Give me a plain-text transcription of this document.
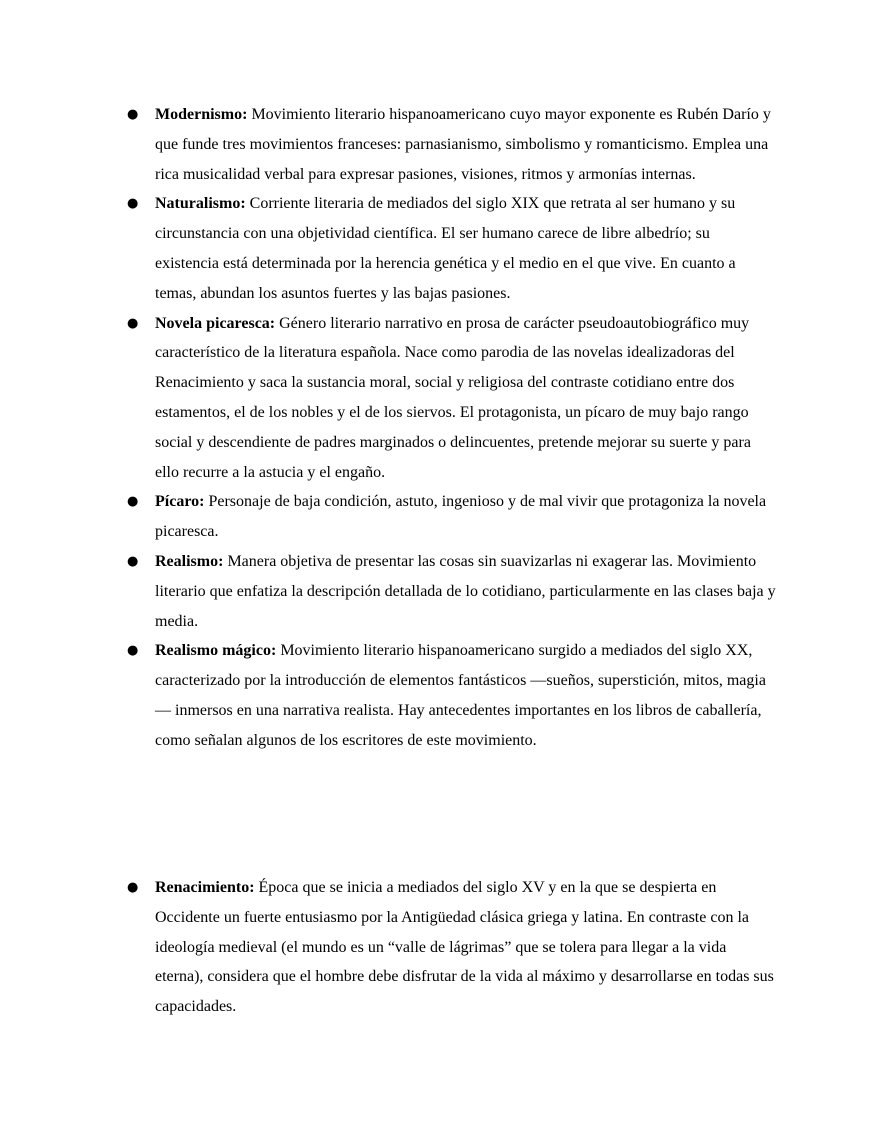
● Modernismo: Movimiento literario hispanoamericano cuyo mayor exponente es Rubén Darío y que funde tres movimientos franceses: parnasianismo, simbolismo y romanticismo. Emplea una rica musicalidad verbal para expresar pasiones, visiones, ritmos y armonías internas.
● Naturalismo: Corriente literaria de mediados del siglo XIX que retrata al ser humano y su circunstancia con una objetividad científica. El ser humano carece de libre albedrío; su existencia está determinada por la herencia genética y el medio en el que vive. En cuanto a temas, abundan los asuntos fuertes y las bajas pasiones.
● Novela picaresca: Género literario narrativo en prosa de carácter pseudoautobiográfico muy característico de la literatura española. Nace como parodia de las novelas idealizadoras del Renacimiento y saca la sustancia moral, social y religiosa del contraste cotidiano entre dos estamentos, el de los nobles y el de los siervos. El protagonista, un pícaro de muy bajo rango social y descendiente de padres marginados o delincuentes, pretende mejorar su suerte y para ello recurre a la astucia y el engaño.
● Pícaro: Personaje de baja condición, astuto, ingenioso y de mal vivir que protagoniza la novela picaresca.
● Realismo: Manera objetiva de presentar las cosas sin suavizarlas ni exagerar las. Movimiento literario que enfatiza la descripción detallada de lo cotidiano, particularmente en las clases baja y media.
● Realismo mágico: Movimiento literario hispanoamericano surgido a mediados del siglo XX, caracterizado por la introducción de elementos fantásticos —sueños, superstición, mitos, magia— inmersos en una narrativa realista. Hay antecedentes importantes en los libros de caballería, como señalan algunos de los escritores de este movimiento.
● Renacimiento: Época que se inicia a mediados del siglo XV y en la que se despierta en Occidente un fuerte entusiasmo por la Antigüedad clásica griega y latina. En contraste con la ideología medieval (el mundo es un “valle de lágrimas” que se tolera para llegar a la vida eterna), considera que el hombre debe disfrutar de la vida al máximo y desarrollarse en todas sus capacidades.
